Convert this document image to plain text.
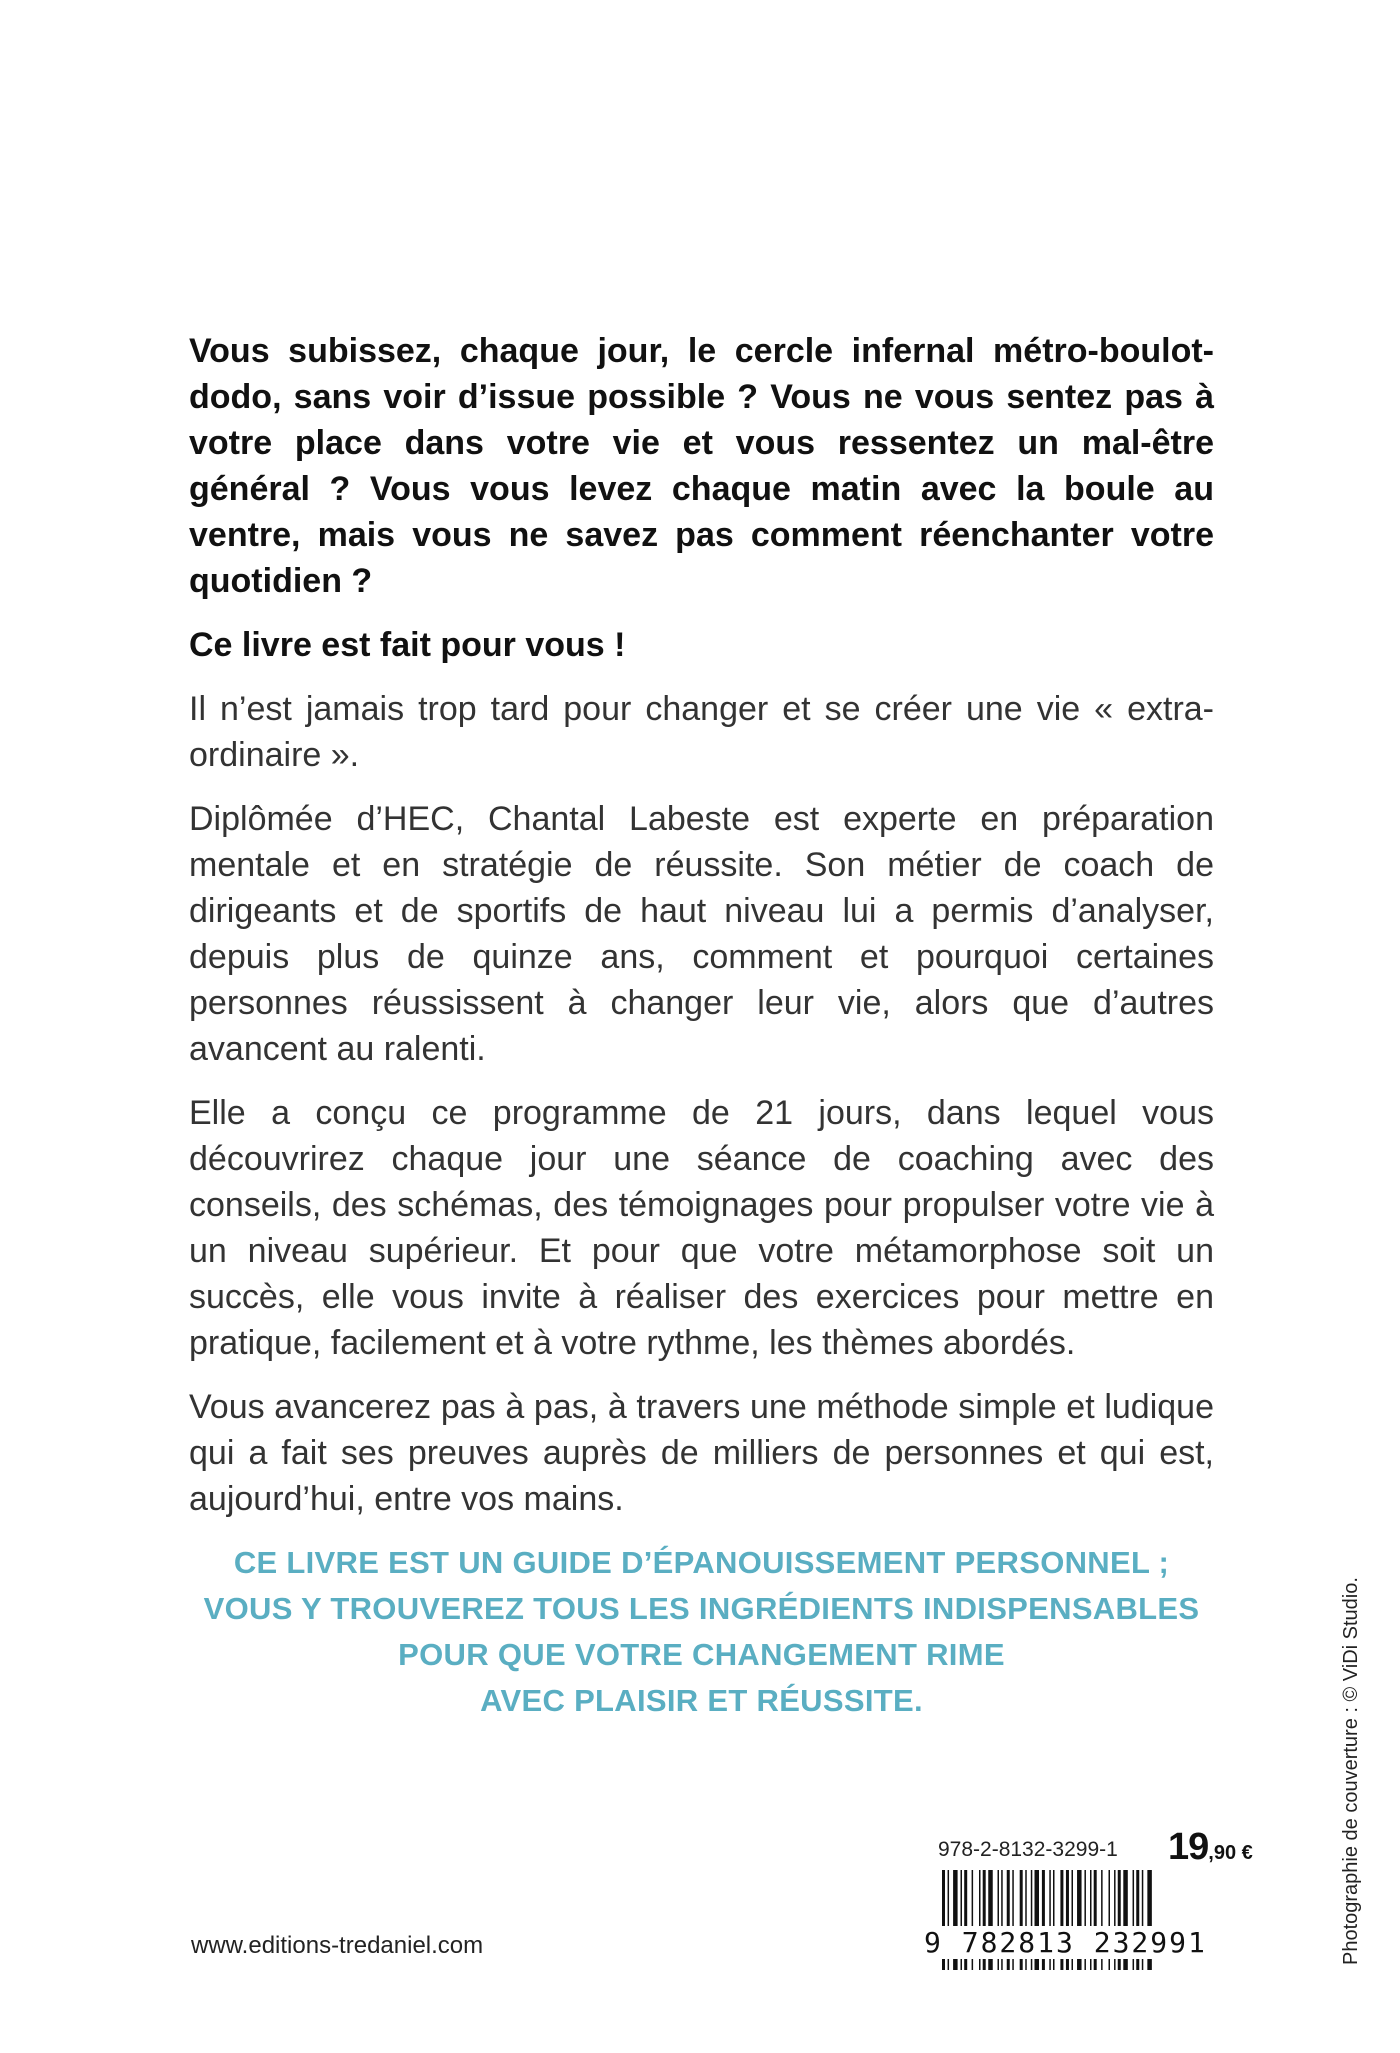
Vous subissez, chaque jour, le cercle infernal métro-boulot-dodo, sans voir d’issue possible ? Vous ne vous sentez pas à votre place dans votre vie et vous ressentez un mal-être général ? Vous vous levez chaque matin avec la boule au ventre, mais vous ne savez pas comment réenchanter votre quotidien ?

Ce livre est fait pour vous !

Il n’est jamais trop tard pour changer et se créer une vie « extra-ordinaire ».

Diplômée d’HEC, Chantal Labeste est experte en préparation mentale et en stratégie de réussite. Son métier de coach de dirigeants et de sportifs de haut niveau lui a permis d’analyser, depuis plus de quinze ans, comment et pourquoi certaines personnes réussissent à changer leur vie, alors que d’autres avancent au ralenti.

Elle a conçu ce programme de 21 jours, dans lequel vous découvrirez chaque jour une séance de coaching avec des conseils, des schémas, des témoignages pour propulser votre vie à un niveau supérieur. Et pour que votre métamorphose soit un succès, elle vous invite à réaliser des exercices pour mettre en pratique, facilement et à votre rythme, les thèmes abordés.

Vous avancerez pas à pas, à travers une méthode simple et ludique qui a fait ses preuves auprès de milliers de personnes et qui est, aujourd’hui, entre vos mains.

CE LIVRE EST UN GUIDE D’ÉPANOUISSEMENT PERSONNEL ;
VOUS Y TROUVEREZ TOUS LES INGRÉDIENTS INDISPENSABLES
POUR QUE VOTRE CHANGEMENT RIME
AVEC PLAISIR ET RÉUSSITE.
www.editions-tredaniel.com
978-2-8132-3299-1 19,90 €
9 782813 232991	Photographie de couverture : © ViDi Studio.
